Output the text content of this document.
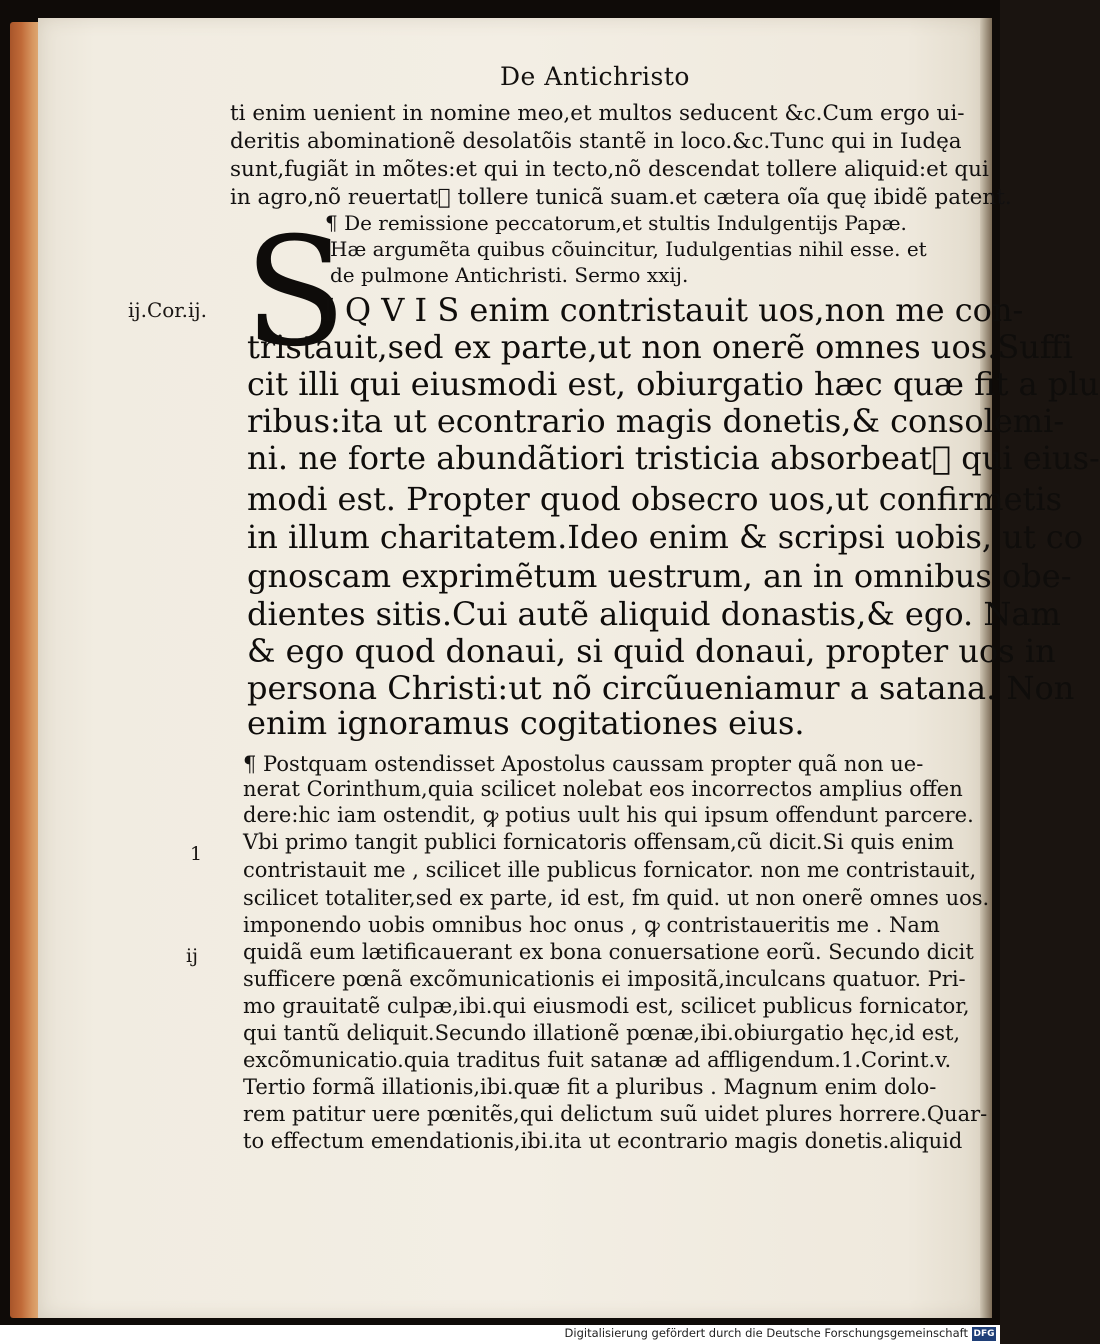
De Antichristo
ti enim uenient in nomine meo,et multos seducent &c.Cum ergo ui-
deritis abominationẽ desolatõis stantẽ in loco.&c.Tunc qui in Iudęa
sunt,fugiãt in mõtes:et qui in tecto,nõ descendat tollere aliquid:et qui
in agro,nõ reuertatᷣ tollere tunicã suam.et cætera oĩa quę ibidẽ patent.
¶ De remissione peccatorum,et stultis Indulgentijs Papæ.
Hæ argumẽta quibus cõuincitur, Iudulgentias nihil esse. et
de pulmone Antichristi. Sermo xxij.
S
ij.Cor.ij.
1
ij
I Q V I S enim contristauit uos,non me con-
tristauit,sed ex parte,ut non onerẽ omnes uos.Suffi
cit illi qui eiusmodi est, obiurgatio hæc quæ fit a plu
ribus:ita ut econtrario magis donetis,& consolemi-
ni. ne forte abundãtiori tristicia absorbeatᷣ qui eius-
modi est. Propter quod obsecro uos,ut confirmetis
in illum charitatem.Ideo enim & scripsi uobis, ut co
gnoscam exprimẽtum uestrum, an in omnibus obe-
dientes sitis.Cui autẽ aliquid donastis,& ego. Nam
& ego quod donaui, si quid donaui, propter uos in
persona Christi:ut nõ circũueniamur a satana. Non
enim ignoramus cogitationes eius.
¶ Postquam ostendisset Apostolus caussam propter quã non ue-
nerat Corinthum,quia scilicet nolebat eos incorrectos amplius offen
dere:hic iam ostendit, ꝙ potius uult his qui ipsum offendunt parcere.
Vbi primo tangit publici fornicatoris offensam,cũ dicit.Si quis enim
contristauit me , scilicet ille publicus fornicator. non me contristauit,
scilicet totaliter,sed ex parte, id est, fm quid. ut non onerẽ omnes uos.
imponendo uobis omnibus hoc onus , ꝙ contristaueritis me . Nam
quidã eum lætificauerant ex bona conuersatione eorũ. Secundo dicit
sufficere pœnã excõmunicationis ei impositã,inculcans quatuor. Pri-
mo grauitatẽ culpæ,ibi.qui eiusmodi est, scilicet publicus fornicator,
qui tantũ deliquit.Secundo illationẽ pœnæ,ibi.obiurgatio hęc,id est,
excõmunicatio.quia traditus fuit satanæ ad affligendum.1.Corint.v.
Tertio formã illationis,ibi.quæ fit a pluribus . Magnum enim dolo-
rem patitur uere pœnitẽs,qui delictum suũ uidet plures horrere.Quar-
to effectum emendationis,ibi.ita ut econtrario magis donetis.aliquid
Digitalisierung gefördert durch die Deutsche Forschungsgemeinschaft DFG
